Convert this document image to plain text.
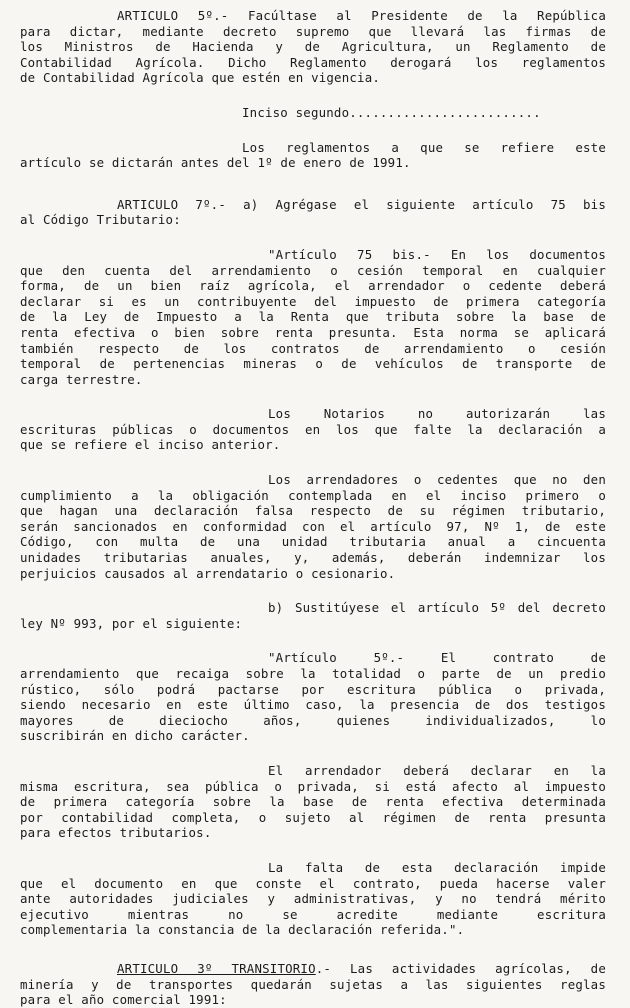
ARTICULO 5º.- Facúltase al Presidente de la República
para dictar, mediante decreto supremo que llevará las firmas de
los Ministros de Hacienda y de Agricultura, un Reglamento de
Contabilidad Agrícola. Dicho Reglamento derogará los reglamentos
de Contabilidad Agrícola que estén en vigencia.
Inciso segundo.........................
Los reglamentos a que se refiere este
artículo se dictarán antes del 1º de enero de 1991.
ARTICULO 7º.- a) Agrégase el siguiente artículo 75 bis
al Código Tributario:
"Artículo 75 bis.- En los documentos
que den cuenta del arrendamiento o cesión temporal en cualquier
forma, de un bien raíz agrícola, el arrendador o cedente deberá
declarar si es un contribuyente del impuesto de primera categoría
de la Ley de Impuesto a la Renta que tributa sobre la base de
renta efectiva o bien sobre renta presunta. Esta norma se aplicará
también respecto de los contratos de arrendamiento o cesión
temporal de pertenencias mineras o de vehículos de transporte de
carga terrestre.
Los Notarios no autorizarán las
escrituras públicas o documentos en los que falte la declaración a
que se refiere el inciso anterior.
Los arrendadores o cedentes que no den
cumplimiento a la obligación contemplada en el inciso primero o
que hagan una declaración falsa respecto de su régimen tributario,
serán sancionados en conformidad con el artículo 97, Nº 1, de este
Código, con multa de una unidad tributaria anual a cincuenta
unidades tributarias anuales, y, además, deberán indemnizar los
perjuicios causados al arrendatario o cesionario.
b) Sustitúyese el artículo 5º del decreto
ley Nº 993, por el siguiente:
"Artículo 5º.- El contrato de
arrendamiento que recaiga sobre la totalidad o parte de un predio
rústico, sólo podrá pactarse por escritura pública o privada,
siendo necesario en este último caso, la presencia de dos testigos
mayores de dieciocho años, quienes individualizados, lo
suscribirán en dicho carácter.
El arrendador deberá declarar en la
misma escritura, sea pública o privada, si está afecto al impuesto
de primera categoría sobre la base de renta efectiva determinada
por contabilidad completa, o sujeto al régimen de renta presunta
para efectos tributarios.
La falta de esta declaración impide
que el documento en que conste el contrato, pueda hacerse valer
ante autoridades judiciales y administrativas, y no tendrá mérito
ejecutivo mientras no se acredite mediante escritura
complementaria la constancia de la declaración referida.".
ARTICULO 3º TRANSITORIO.- Las actividades agrícolas, de
minería y de transportes quedarán sujetas a las siguientes reglas
para el año comercial 1991:
